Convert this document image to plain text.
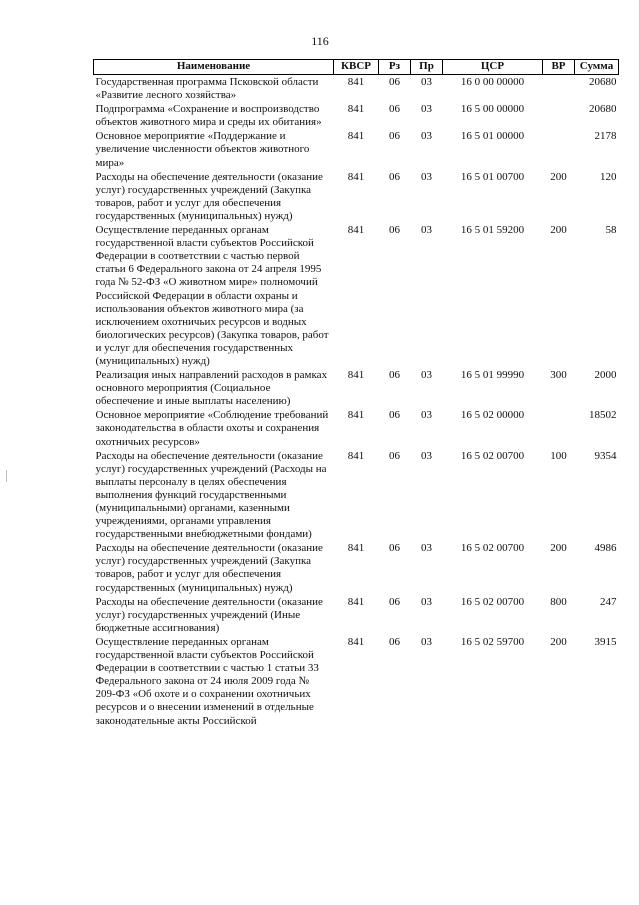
116
Наименование	КВСР	Рз	Пр	ЦСР	ВР	Сумма
Государственная программа Псковской области «Развитие лесного хозяйства»	841	06	03	16 0 00 00000		20680
Подпрограмма «Сохранение и воспроизводство объектов животного мира и среды их обитания»	841	06	03	16 5 00 00000		20680
Основное мероприятие «Поддержание и увеличение численности объектов животного мира»	841	06	03	16 5 01 00000		2178
Расходы на обеспечение деятельности (оказание услуг) государственных учреждений (Закупка товаров, работ и услуг для обеспечения государственных (муниципальных) нужд)	841	06	03	16 5 01 00700	200	120
Осуществление переданных органам государственной власти субъектов Российской Федерации в соответствии с частью первой статьи 6 Федерального закона от 24 апреля 1995 года № 52-ФЗ «О животном мире» полномочий Российской Федерации в области охраны и использования объектов животного мира (за исключением охотничьих ресурсов и водных биологических ресурсов) (Закупка товаров, работ и услуг для обеспечения государственных (муниципальных) нужд)	841	06	03	16 5 01 59200	200	58
Реализация иных направлений расходов в рамках основного мероприятия (Социальное обеспечение и иные выплаты населению)	841	06	03	16 5 01 99990	300	2000
Основное мероприятие «Соблюдение требований законодательства в области охоты и сохранения охотничьих ресурсов»	841	06	03	16 5 02 00000		18502
Расходы на обеспечение деятельности (оказание услуг) государственных учреждений (Расходы на выплаты персоналу в целях обеспечения выполнения функций государственными (муниципальными) органами, казенными учреждениями, органами управления государственными внебюджетными фондами)	841	06	03	16 5 02 00700	100	9354
Расходы на обеспечение деятельности (оказание услуг) государственных учреждений (Закупка товаров, работ и услуг для обеспечения государственных (муниципальных) нужд)	841	06	03	16 5 02 00700	200	4986
Расходы на обеспечение деятельности (оказание услуг) государственных учреждений (Иные бюджетные ассигнования)	841	06	03	16 5 02 00700	800	247
Осуществление переданных органам государственной власти субъектов Российской Федерации в соответствии с частью 1 статьи 33 Федерального закона от 24 июля 2009 года № 209-ФЗ «Об охоте и о сохранении охотничьих ресурсов и о внесении изменений в отдельные законодательные акты Российской	841	06	03	16 5 02 59700	200	3915
